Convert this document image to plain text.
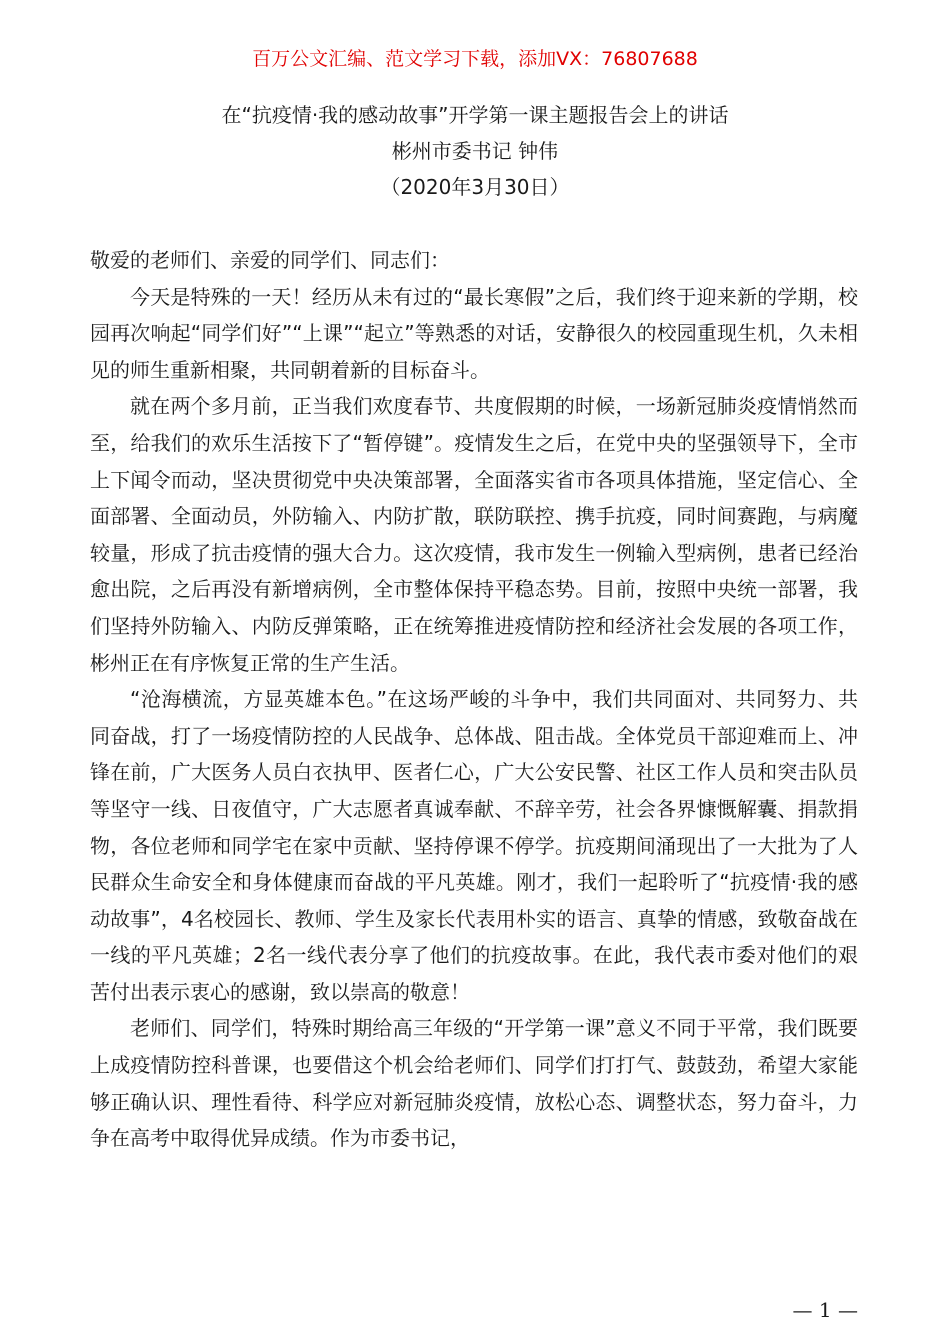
百万公文汇编、范文学习下载，添加VX：76807688
在“抗疫情·我的感动故事”开学第一课主题报告会上的讲话
彬州市委书记 钟伟
（2020年3月30日）

敬爱的老师们、亲爱的同学们、同志们：

今天是特殊的一天！经历从未有过的“最长寒假”之后，我们终于迎来新的学期，校园再次响起“同学们好”“上课”“起立”等熟悉的对话，安静很久的校园重现生机，久未相见的师生重新相聚，共同朝着新的目标奋斗。

就在两个多月前，正当我们欢度春节、共度假期的时候，一场新冠肺炎疫情悄然而至，给我们的欢乐生活按下了“暂停键”。疫情发生之后，在党中央的坚强领导下，全市上下闻令而动，坚决贯彻党中央决策部署，全面落实省市各项具体措施，坚定信心、全面部署、全面动员，外防输入、内防扩散，联防联控、携手抗疫，同时间赛跑，与病魔较量，形成了抗击疫情的强大合力。这次疫情，我市发生一例输入型病例，患者已经治愈出院，之后再没有新增病例，全市整体保持平稳态势。目前，按照中央统一部署，我们坚持外防输入、内防反弹策略，正在统筹推进疫情防控和经济社会发展的各项工作，彬州正在有序恢复正常的生产生活。

“沧海横流，方显英雄本色。”在这场严峻的斗争中，我们共同面对、共同努力、共同奋战，打了一场疫情防控的人民战争、总体战、阻击战。全体党员干部迎难而上、冲锋在前，广大医务人员白衣执甲、医者仁心，广大公安民警、社区工作人员和突击队员等坚守一线、日夜值守，广大志愿者真诚奉献、不辞辛劳，社会各界慷慨解囊、捐款捐物，各位老师和同学宅在家中贡献、坚持停课不停学。抗疫期间涌现出了一大批为了人民群众生命安全和身体健康而奋战的平凡英雄。刚才，我们一起聆听了“抗疫情·我的感动故事”，4名校园长、教师、学生及家长代表用朴实的语言、真挚的情感，致敬奋战在一线的平凡英雄；2名一线代表分享了他们的抗疫故事。在此，我代表市委对他们的艰苦付出表示衷心的感谢，致以崇高的敬意！

老师们、同学们，特殊时期给高三年级的“开学第一课”意义不同于平常，我们既要上成疫情防控科普课，也要借这个机会给老师们、同学们打打气、鼓鼓劲，希望大家能够正确认识、理性看待、科学应对新冠肺炎疫情，放松心态、调整状态，努力奋斗，力争在高考中取得优异成绩。作为市委书记，

— 1 —
